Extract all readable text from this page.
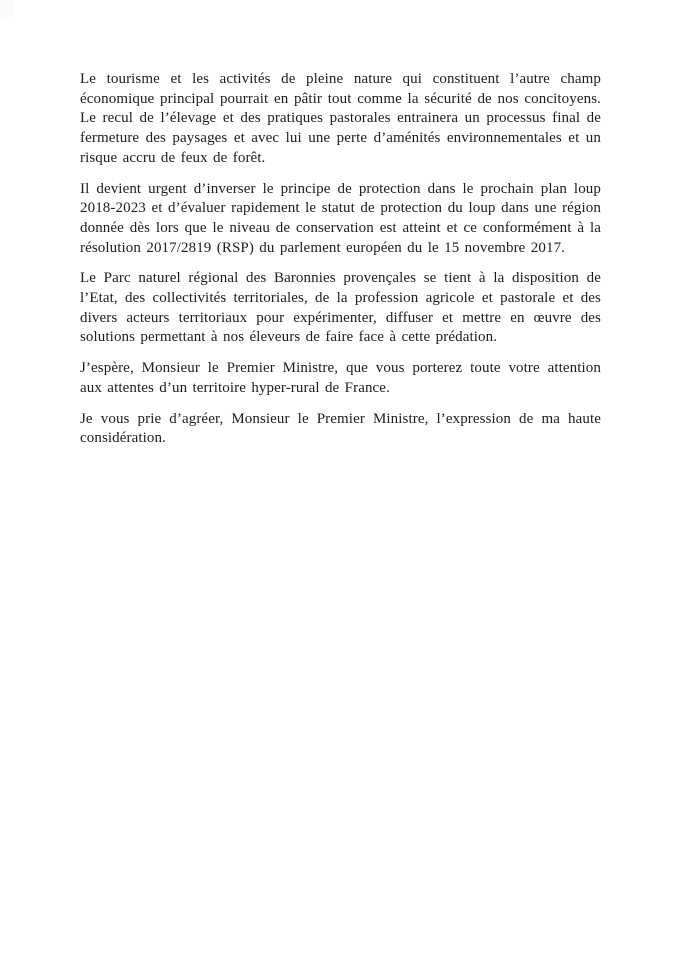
Le tourisme et les activités de pleine nature qui constituent l’autre champ économique principal pourrait en pâtir tout comme la sécurité de nos concitoyens. Le recul de l’élevage et des pratiques pastorales entrainera un processus final de fermeture des paysages et avec lui une perte d’aménités environnementales et un risque accru de feux de forêt.

Il devient urgent d’inverser le principe de protection dans le prochain plan loup 2018-2023 et d’évaluer rapidement le statut de protection du loup dans une région donnée dès lors que le niveau de conservation est atteint et ce conformément à la résolution 2017/2819 (RSP) du parlement européen du le 15 novembre 2017.

Le Parc naturel régional des Baronnies provençales se tient à la disposition de l’Etat, des collectivités territoriales, de la profession agricole et pastorale et des divers acteurs territoriaux pour expérimenter, diffuser et mettre en œuvre des solutions permettant à nos éleveurs de faire face à cette prédation.

J’espère, Monsieur le Premier Ministre, que vous porterez toute votre attention aux attentes d’un territoire hyper-rural de France.

Je vous prie d’agréer, Monsieur le Premier Ministre, l’expression de ma haute considération.
